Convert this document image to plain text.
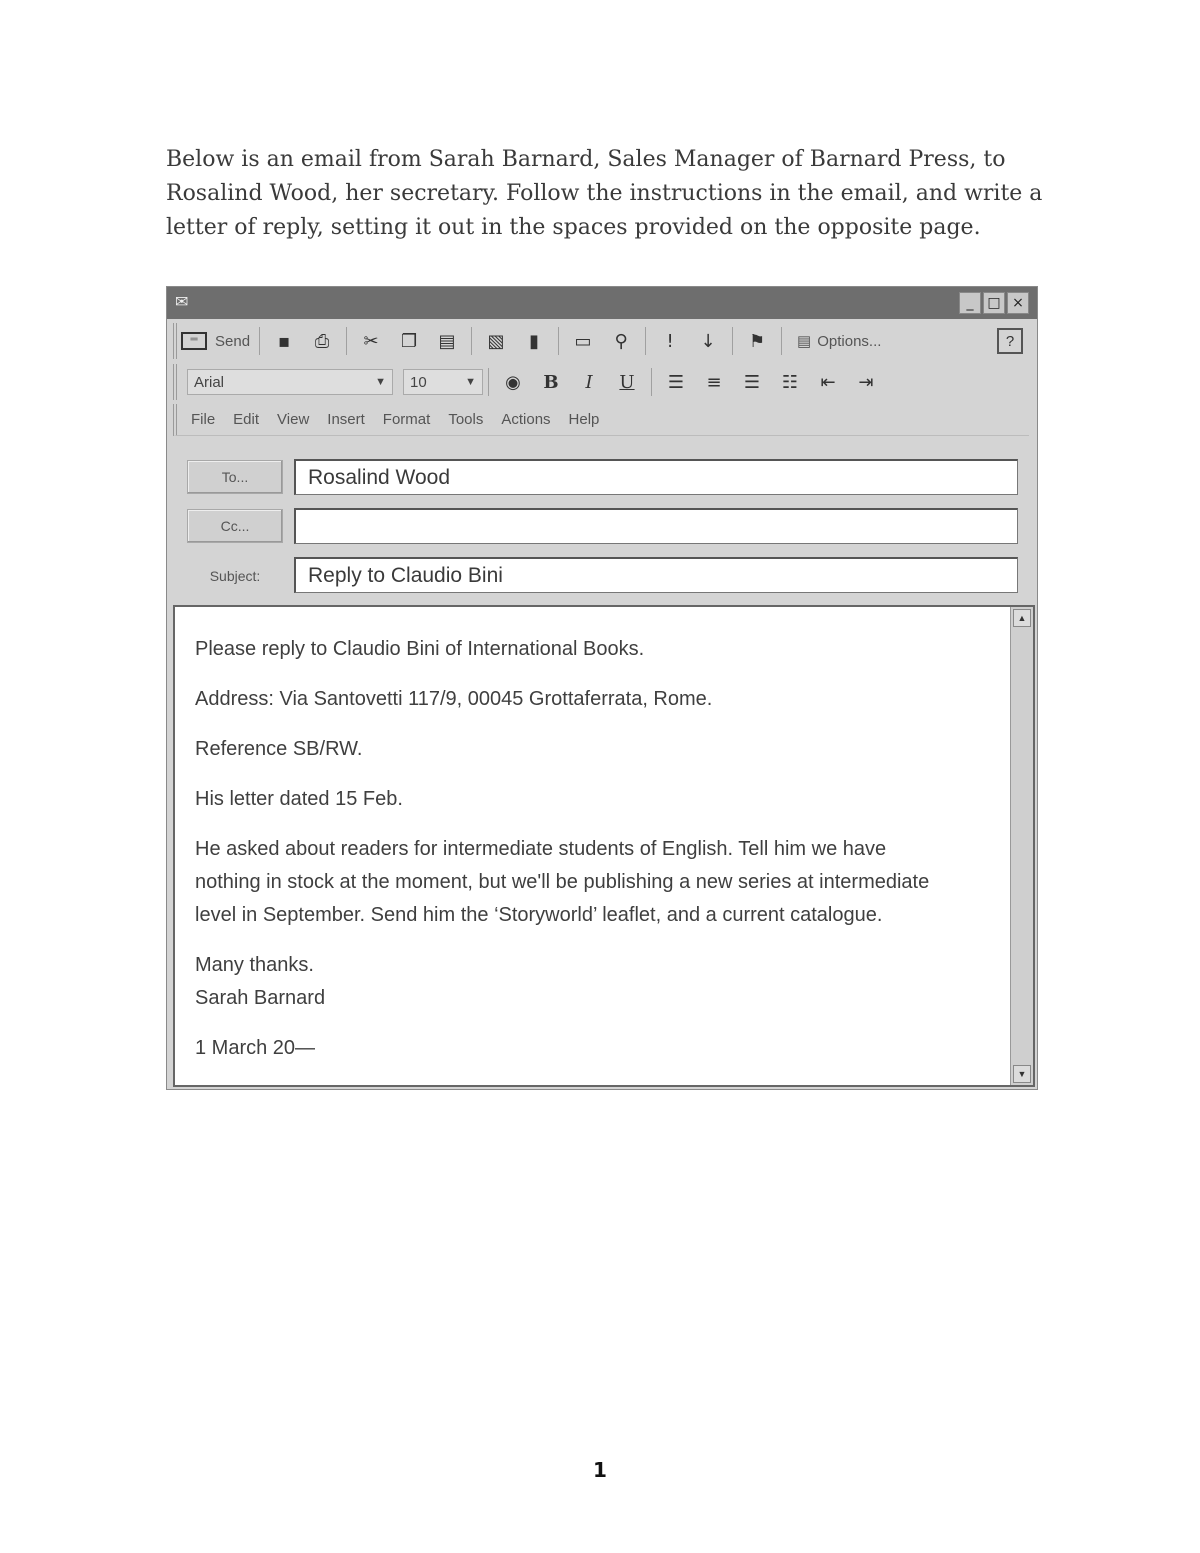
Below is an email from Sarah Barnard, Sales Manager of Barnard Press, to

Rosalind Wood, her secretary. Follow the instructions in the email, and write a

letter of reply, setting it out in the spaces provided on the opposite page.

✉	_ □ ×
═	Send	▪	⎙	✂	❐	▤	▧	▮	▭	⚲	!	↓	⚑	▤ Options...	?
Arial	▼ 10	▼	◉	B	I	U	☰	≡	☰	☷	⇤	⇥
File Edit View Insert Format Tools Actions Help
To...	Rosalind Wood
Cc...
Subject:	Reply to Claudio Bini

Please reply to Claudio Bini of International Books.

Address: Via Santovetti 117/9, 00045 Grottaferrata, Rome.

Reference SB/RW.

His letter dated 15 Feb.

He asked about readers for intermediate students of English. Tell him we have
nothing in stock at the moment, but we'll be publishing a new series at intermediate
level in September. Send him the ‘Storyworld’ leaflet, and a current catalogue.

Many thanks.
Sarah Barnard

1 March 20—

▲
▼
1
